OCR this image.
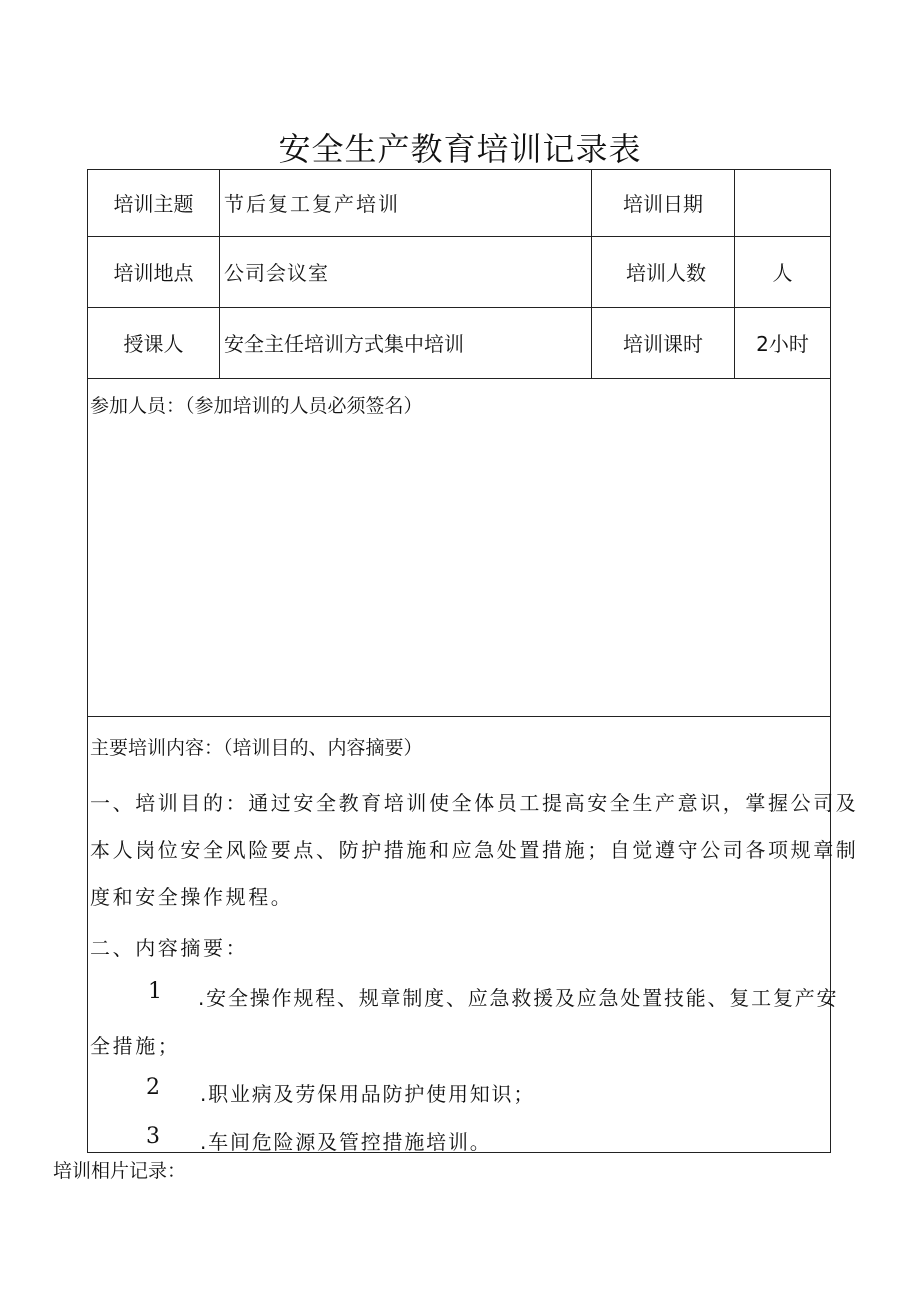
安全生产教育培训记录表
培训主题	节后复工复产培训	培训日期
培训地点	公司会议室	培训人数	人
授课人	安全主任培训方式集中培训	培训课时	2小时
参加人员：（参加培训的人员必须签名）
主要培训内容：（培训目的、内容摘要）
一、培训目的：通过安全教育培训使全体员工提高安全生产意识，掌握公司及
本人岗位安全风险要点、防护措施和应急处置措施；自觉遵守公司各项规章制
度和安全操作规程。
二、内容摘要：
1 .安全操作规程、规章制度、应急救援及应急处置技能、复工复产安
全措施；
2 .职业病及劳保用品防护使用知识；
3 .车间危险源及管控措施培训。
培训相片记录：
